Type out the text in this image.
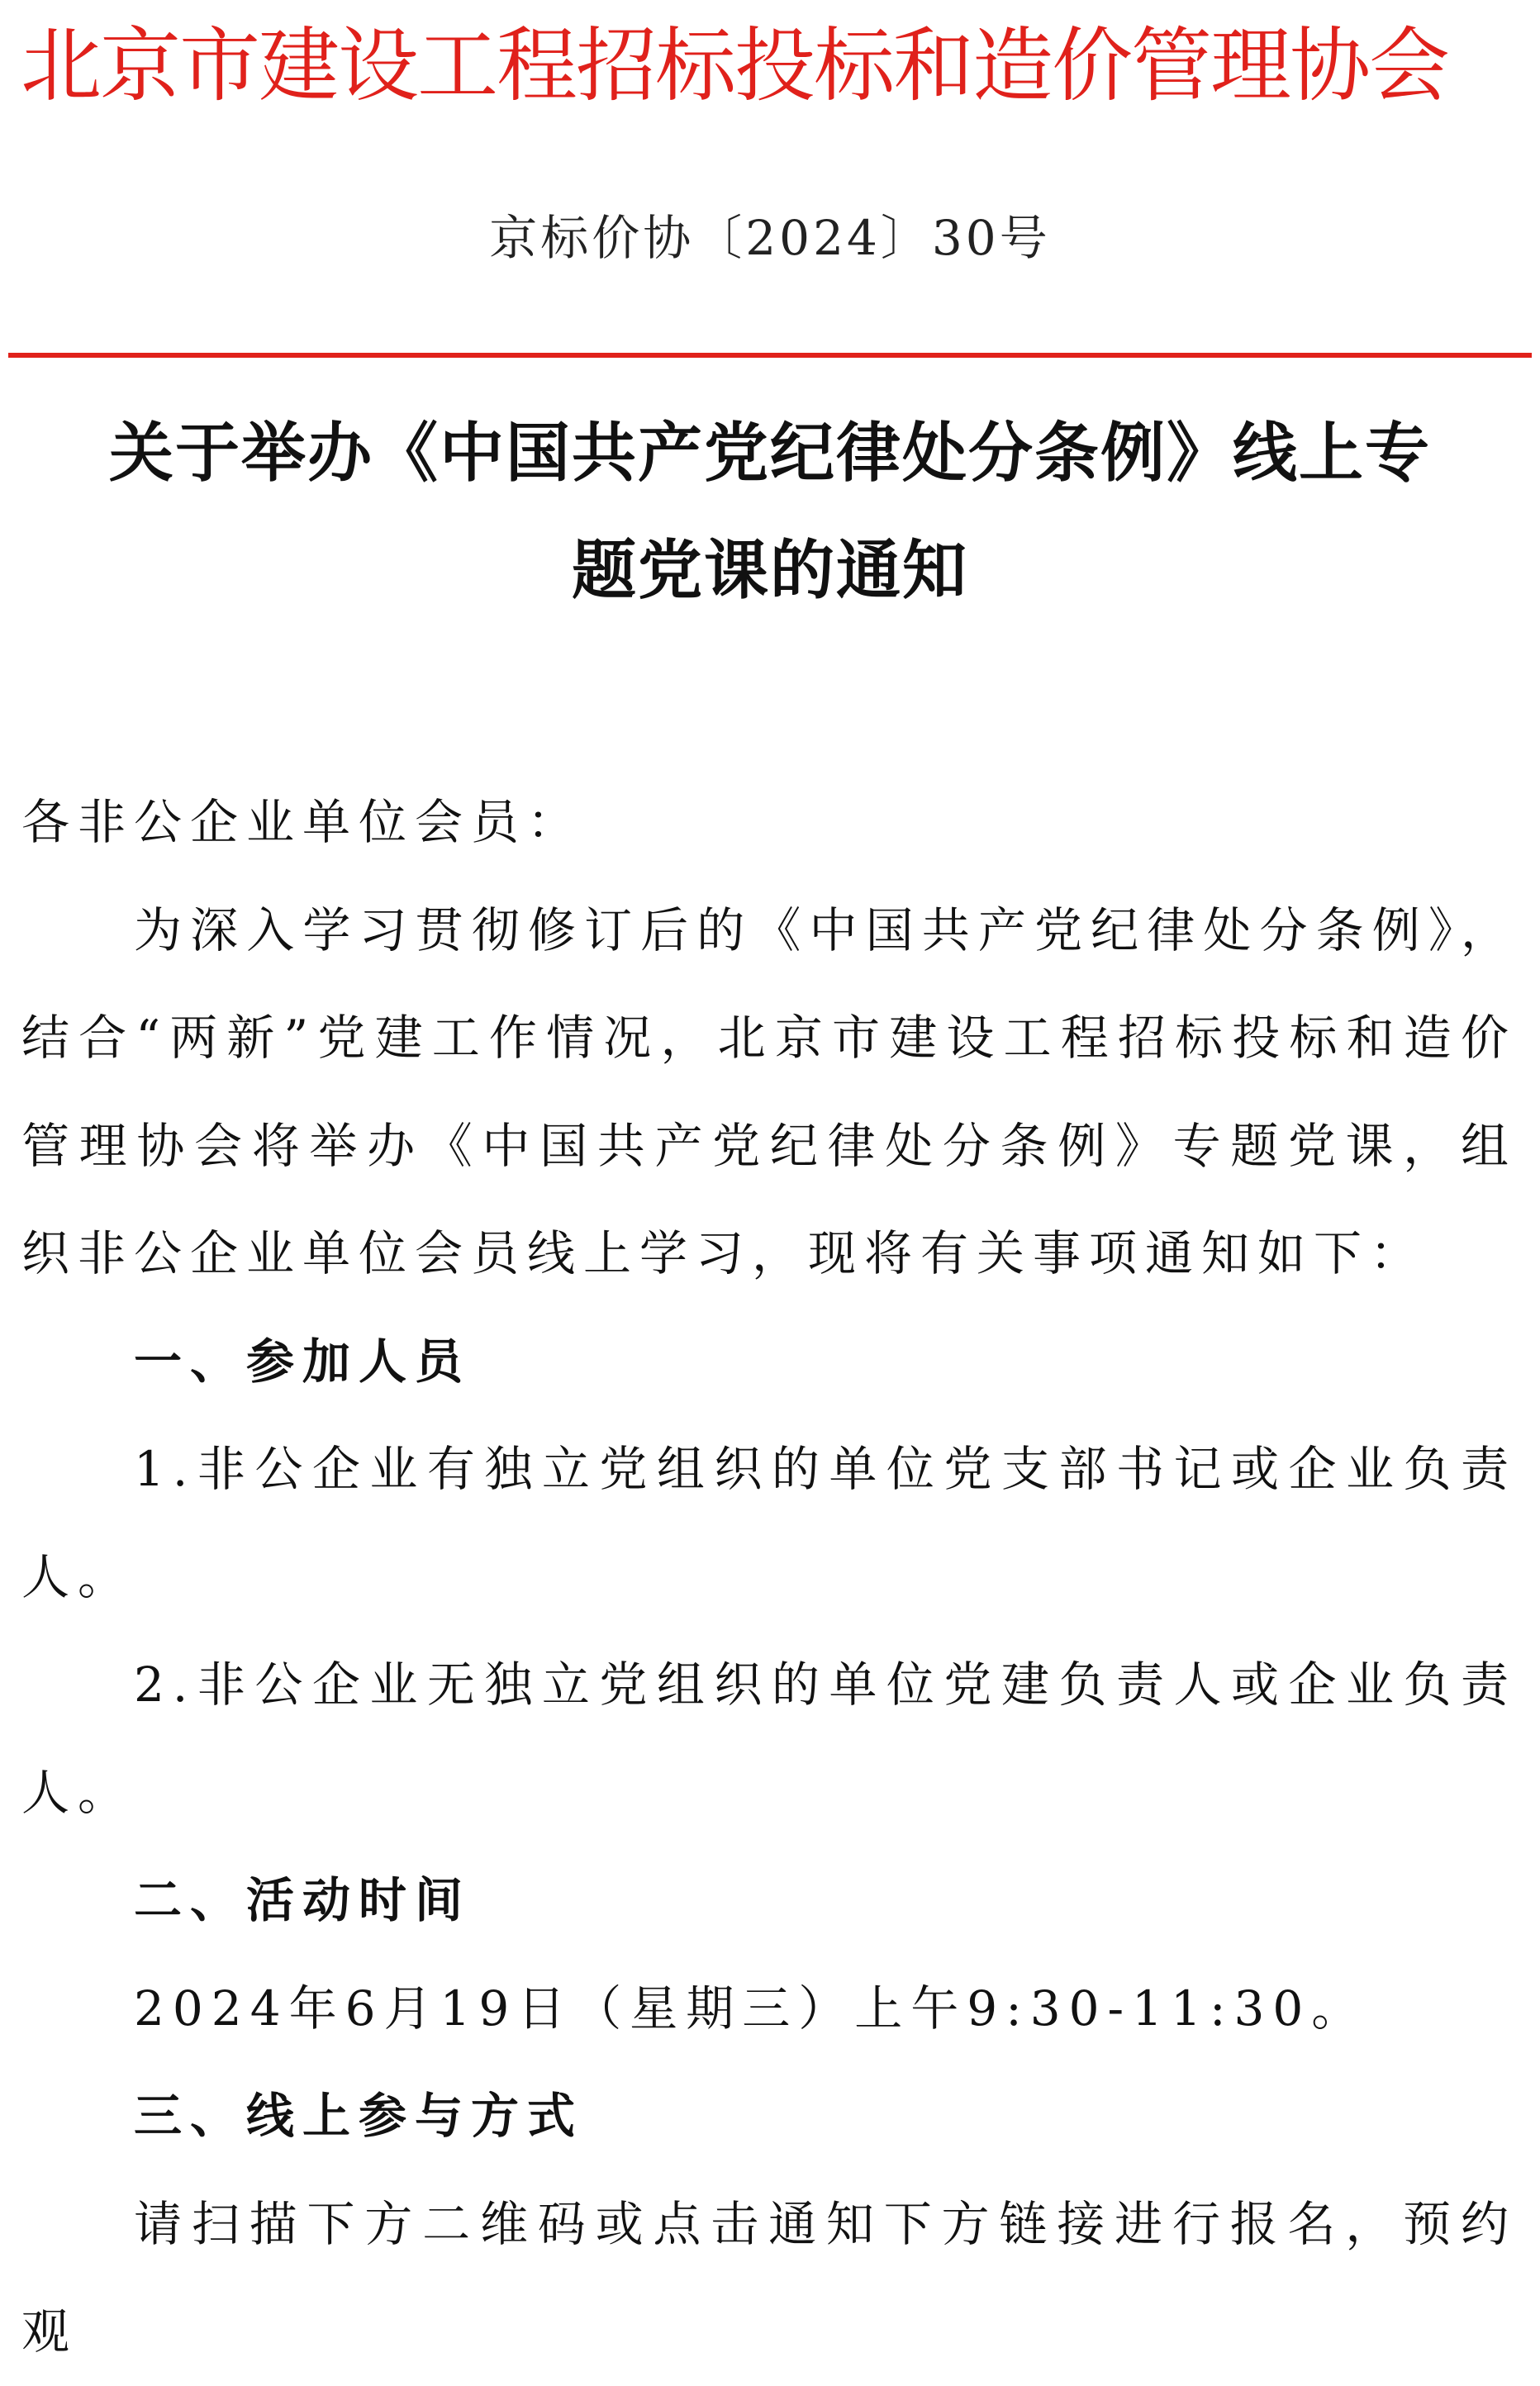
北京市建设工程招标投标和造价管理协会
京标价协〔2024〕30号
关于举办《中国共产党纪律处分条例》线上专
题党课的通知

各非公企业单位会员：

为深入学习贯彻修订后的《中国共产党纪律处分条例》，结合“两新”党建工作情况，北京市建设工程招标投标和造价管理协会将举办《中国共产党纪律处分条例》专题党课，组织非公企业单位会员线上学习，现将有关事项通知如下：

一、参加人员

1.非公企业有独立党组织的单位党支部书记或企业负责人。

2.非公企业无独立党组织的单位党建负责人或企业负责人。

二、活动时间

2024年6月19日（星期三）上午9:30-11:30。

三、线上参与方式

请扫描下方二维码或点击通知下方链接进行报名，预约观
